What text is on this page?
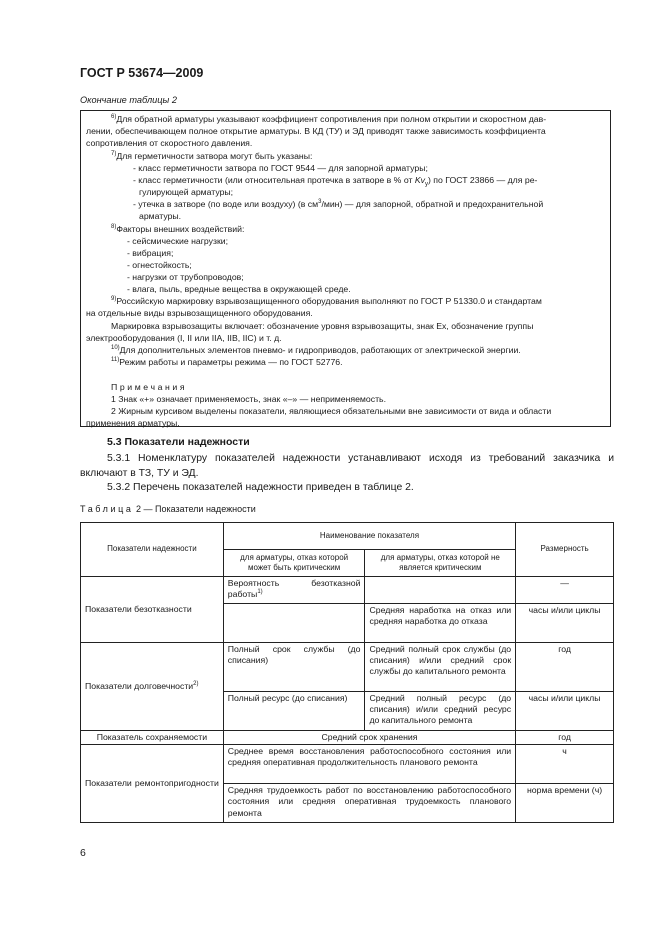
ГОСТ Р 53674—2009
Окончание таблицы 2
$^{6)}$Для обратной арматуры указывают коэффициент сопротивления при полном открытии и скоростном дав-
лении, обеспечивающем полное открытие арматуры. В КД (ТУ) и ЭД приводят также зависимость коэффициента
сопротивления от скоростного давления.
$^{7)}$Для герметичности затвора могут быть указаны:
- класс герметичности затвора по ГОСТ 9544 — для запорной арматуры;
- класс герметичности (или относительная протечка в затворе в % от $Kv_y$) по ГОСТ 23866 — для ре-
гулирующей арматуры;
- утечка в затворе (по воде или воздуху) (в $см^3/мин$) — для запорной, обратной и предохранительной
арматуры.
$^{8)}$Факторы внешних воздействий:
- сейсмические нагрузки;
- вибрация;
- огнестойкость;
- нагрузки от трубопроводов;
- влага, пыль, вредные вещества в окружающей среде.
$^{9)}$Российскую маркировку взрывозащищенного оборудования выполняют по ГОСТ Р 51330.0 и стандартам
на отдельные виды взрывозащищенного оборудования.
Маркировка взрывозащиты включает: обозначение уровня взрывозащиты, знак Ex, обозначение группы
электрооборудования (I, II или IIA, IIB, IIC) и т. д.
$^{10)}$Для дополнительных элементов пневмо- и гидроприводов, работающих от электрической энергии.
$^{11)}$Режим работы и параметры режима — по ГОСТ 52776.
Примечания
1 Знак «+» означает применяемость, знак «–» — неприменяемость.
2 Жирным курсивом выделены показатели, являющиеся обязательными вне зависимости от вида и области
применения арматуры.
5.3 Показатели надежности
5.3.1 Номенклатуру показателей надежности устанавливают исходя из требований заказчика и включают в ТЗ, ТУ и ЭД.
5.3.2 Перечень показателей надежности приведен в таблице 2.
Таблица 2 — Показатели надежности
Показатели надежности	Наименование показателя		Размерность
	для арматуры, отказ которой может быть критическим	для арматуры, отказ которой не является критическим	
Показатели безотказности	Вероятность безотказной работы$^{1)}$		—
		Средняя наработка на отказ или средняя наработка до отказа	часы и/или циклы
Показатели долговечности$^{2)}$	Полный срок службы (до списания)	Средний полный срок службы (до списания) и/или средний срок службы до капитального ремонта	год
	Полный ресурс (до списания)	Средний полный ресурс (до списания) и/или средний ресурс до капитального ремонта	часы и/или циклы
Показатель сохраняемости	Средний срок хранения		год
Показатели ремонтопригодности	Среднее время восстановления работоспособного состояния или средняя оперативная продолжительность планового ремонта		ч
	Средняя трудоемкость работ по восстановлению работоспособного состояния или средняя оперативная трудоемкость планового ремонта		норма времени (ч)
6
